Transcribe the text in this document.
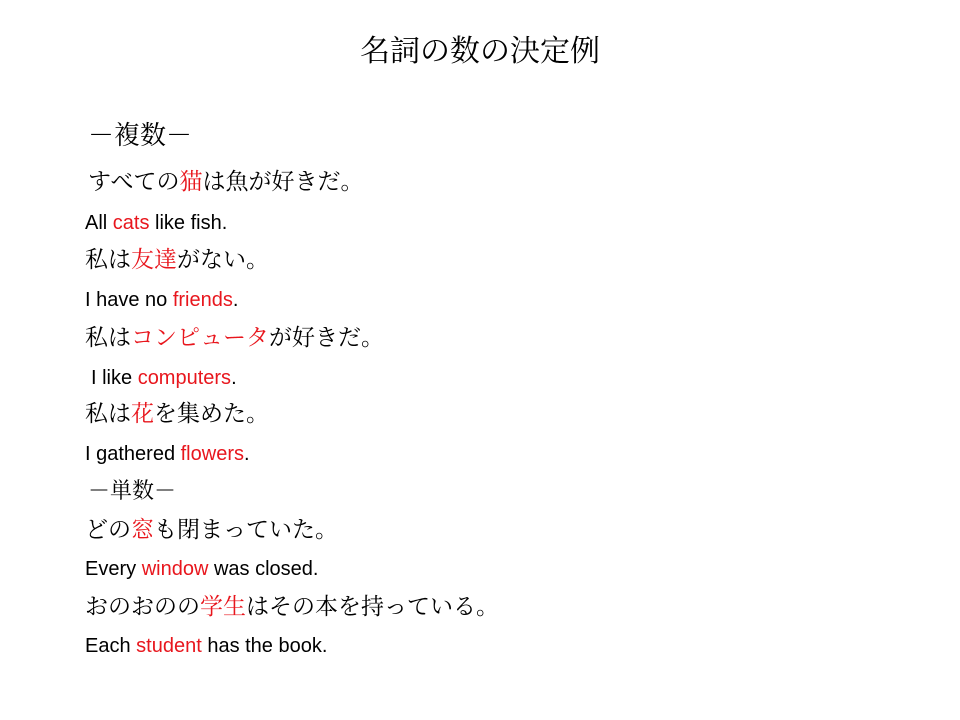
名詞の数の決定例
－複数－
すべての猫は魚が好きだ。
All cats like fish.
私は友達がない。
I have no friends.
私はコンピュータが好きだ。
I like computers.
私は花を集めた。
I gathered flowers.
－単数－
どの窓も閉まっていた。
Every window was closed.
おのおのの学生はその本を持っている。
Each student has the book.
